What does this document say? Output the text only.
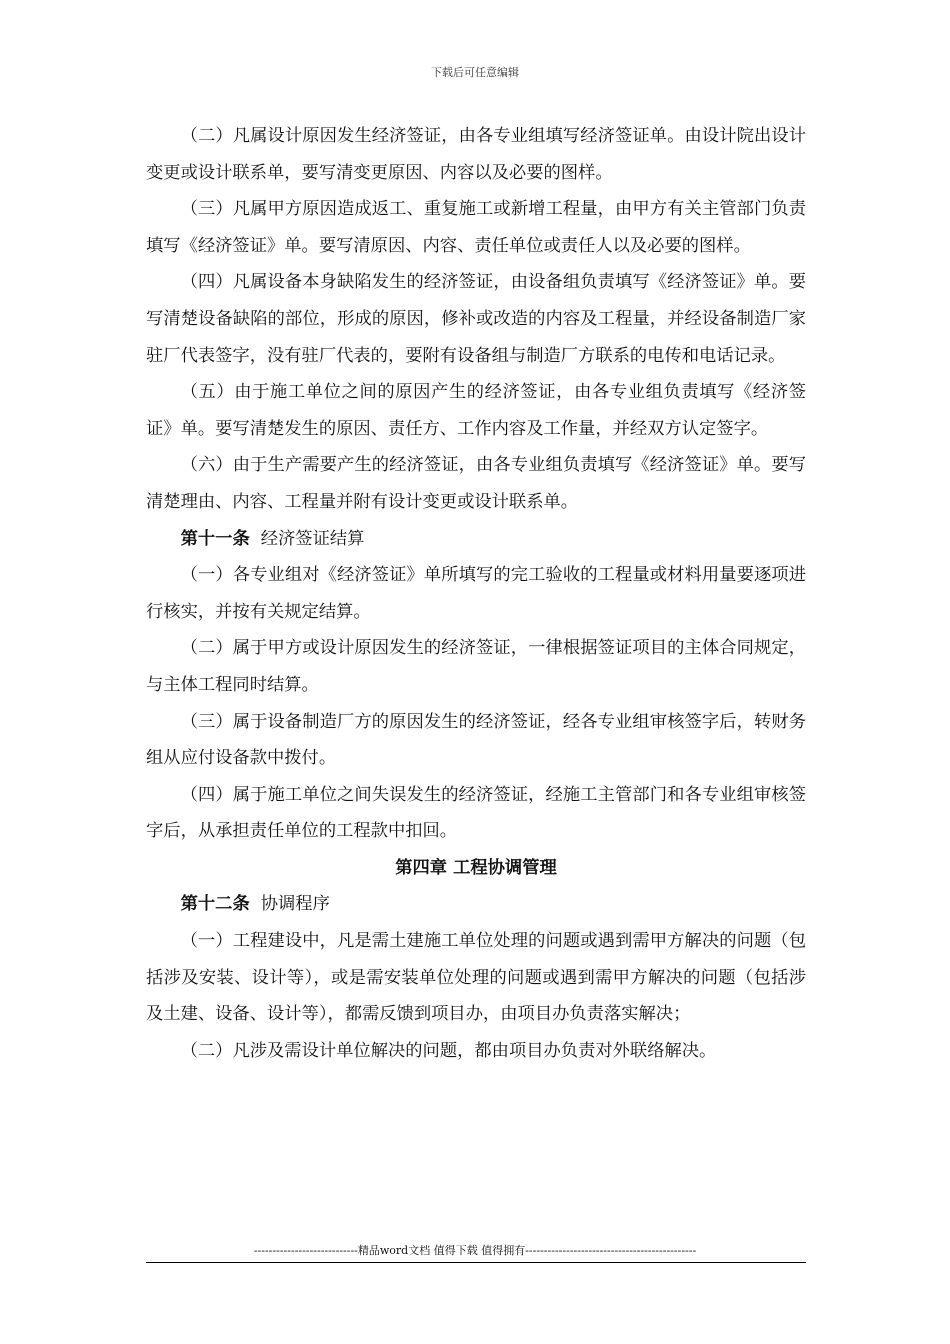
下载后可任意编辑

（二）凡属设计原因发生经济签证，由各专业组填写经济签证单。由设计院出设计变更或设计联系单，要写清变更原因、内容以及必要的图样。

（三）凡属甲方原因造成返工、重复施工或新增工程量，由甲方有关主管部门负责填写《经济签证》单。要写清原因、内容、责任单位或责任人以及必要的图样。

（四）凡属设备本身缺陷发生的经济签证，由设备组负责填写《经济签证》单。要写清楚设备缺陷的部位，形成的原因，修补或改造的内容及工程量，并经设备制造厂家驻厂代表签字，没有驻厂代表的，要附有设备组与制造厂方联系的电传和电话记录。

（五）由于施工单位之间的原因产生的经济签证，由各专业组负责填写《经济签证》单。要写清楚发生的原因、责任方、工作内容及工作量，并经双方认定签字。

（六）由于生产需要产生的经济签证，由各专业组负责填写《经济签证》单。要写清楚理由、内容、工程量并附有设计变更或设计联系单。

第十一条 经济签证结算

（一）各专业组对《经济签证》单所填写的完工验收的工程量或材料用量要逐项进行核实，并按有关规定结算。

（二）属于甲方或设计原因发生的经济签证，一律根据签证项目的主体合同规定，与主体工程同时结算。

（三）属于设备制造厂方的原因发生的经济签证，经各专业组审核签字后，转财务组从应付设备款中拨付。

（四）属于施工单位之间失误发生的经济签证，经施工主管部门和各专业组审核签字后，从承担责任单位的工程款中扣回。

第四章 工程协调管理

第十二条 协调程序

（一）工程建设中，凡是需土建施工单位处理的问题或遇到需甲方解决的问题（包括涉及安装、设计等），或是需安装单位处理的问题或遇到需甲方解决的问题（包括涉及土建、设备、设计等），都需反馈到项目办，由项目办负责落实解决；

（二）凡涉及需设计单位解决的问题，都由项目办负责对外联络解决。

----------------------------精品word文档 值得下载 值得拥有----------------------------------------------
